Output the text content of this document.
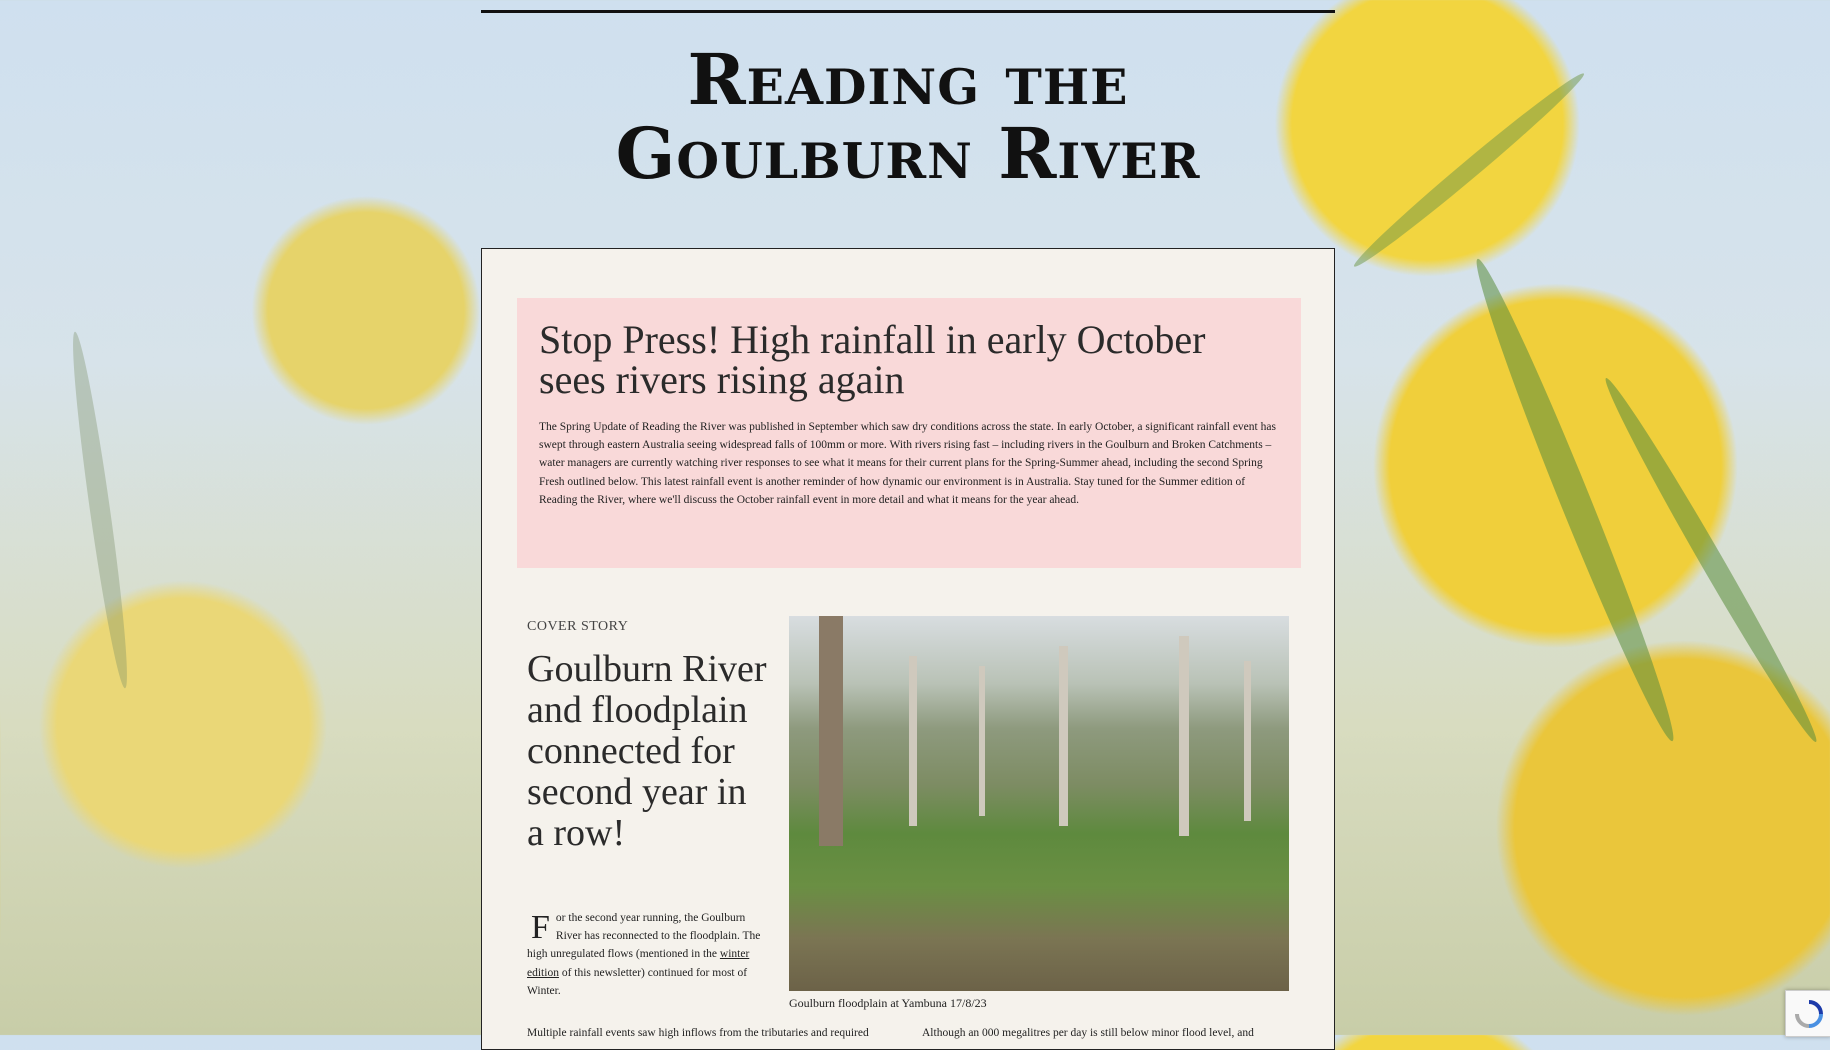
Reading the
Goulburn River
Stop Press! High rainfall in early October sees rivers rising again

The Spring Update of Reading the River was published in September which saw dry conditions across the state. In early October, a significant rainfall event has swept through eastern Australia seeing widespread falls of 100mm or more. With rivers rising fast – including rivers in the Goulburn and Broken Catchments – water managers are currently watching river responses to see what it means for their current plans for the Spring-Summer ahead, including the second Spring Fresh outlined below. This latest rainfall event is another reminder of how dynamic our environment is in Australia. Stay tuned for the Summer edition of Reading the River, where we'll discuss the October rainfall event in more detail and what it means for the year ahead.

COVER STORY
Goulburn River and floodplain connected for second year in a row!
For the second year running, the Goulburn River has reconnected to the floodplain. The high unregulated flows (mentioned in the winter edition of this newsletter) continued for most of Winter.
Goulburn floodplain at Yambuna 17/8/23
Multiple rainfall events saw high inflows from the tributaries and required	Although an 000 megalitres per day is still below minor flood level, and
